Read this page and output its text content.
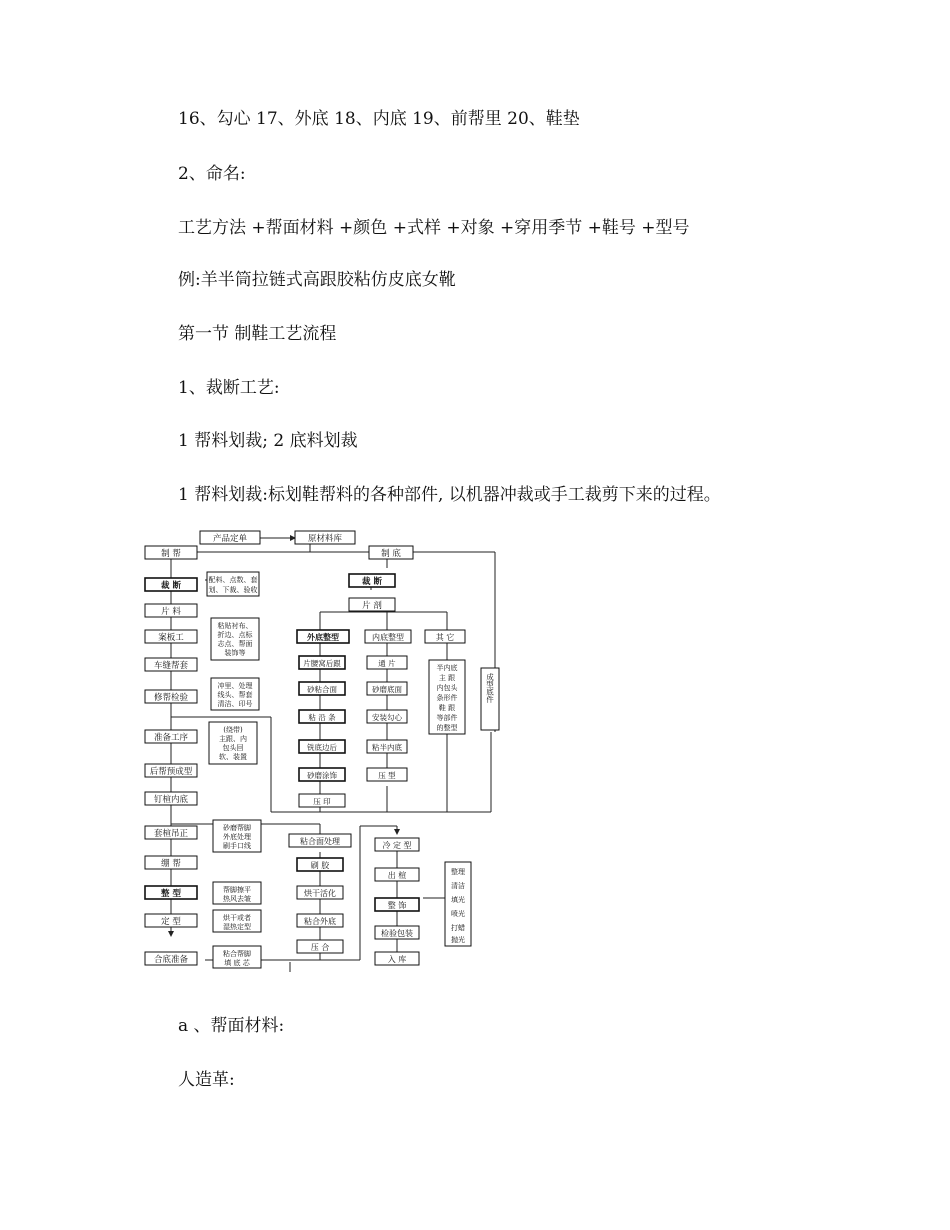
16、勾心 17、外底 18、内底 19、前帮里 20、鞋垫
2、命名:
工艺方法 +帮面材料 +颜色 +式样 +对象 +穿用季节 +鞋号 +型号
例:羊半筒拉链式高跟胶粘仿皮底女靴
第一节 制鞋工艺流程
1、裁断工艺:
1 帮料划裁; 2 底料划裁
1 帮料划裁:标划鞋帮料的各种部件, 以机器冲裁或手工裁剪下来的过程。
产品定单	原材料库
制 帮
裁 断
片 料
案板工
车缝帮套
修帮检验
准备工序
后帮预成型
钉楦内底
套楦吊正
绷 帮
整 型
定 型
合底准备
配料、点数、套
划、下裁、验收
粘贴衬布、
折边、点标
志点、帮面
装饰等
冲里、处理
线头、帮套
清洁、印号
(绕带)
主跟、内
包头回
软、装置
砂磨帮脚
外底处理
刷手口线
帮脚擦平
热风去皱
烘干或者
湿热定型
粘合帮脚
填 底 芯
制 底
裁 断
片 剖
外底整型	内底整型	其 它
片腰窝后跟
砂粘合面
粘 沿 条
铣底边后
砂磨涂饰
压 印
通 片
砂磨底面
安装勾心
粘半内底
压 型
半内底
主 跟
内包头
条形件
鞋 跟
等部件
的整型
成型底件
粘合面处理
刷 胶
烘干活化
粘合外底
压 合
冷 定 型
出 楦
整 饰
检验包装
入 库
整理
清洁
填光
喷光
打蜡
抛光
a 、帮面材料:
人造革:
